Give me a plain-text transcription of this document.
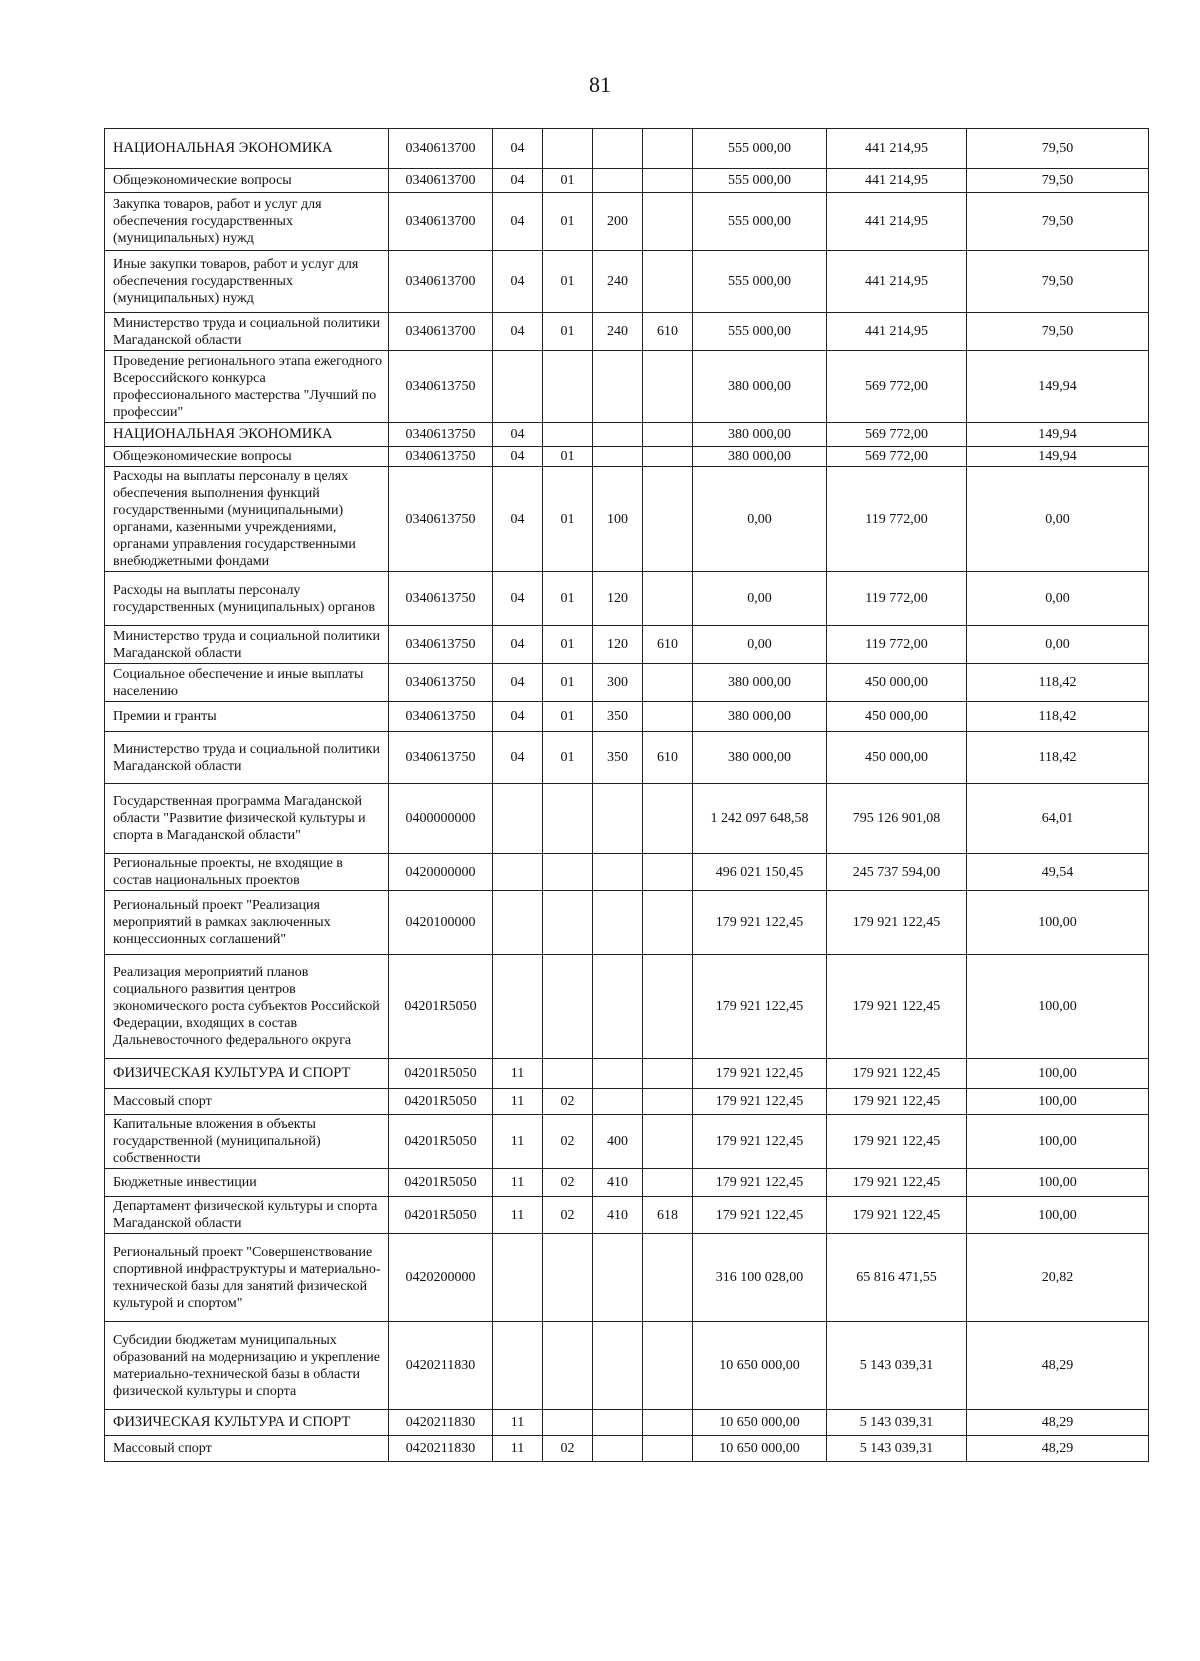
81
НАЦИОНАЛЬНАЯ ЭКОНОМИКА	0340613700	04				555 000,00	441 214,95	79,50
Общеэкономические вопросы	0340613700	04	01			555 000,00	441 214,95	79,50
Закупка товаров, работ и услуг для обеспечения государственных (муниципальных) нужд	0340613700	04	01	200		555 000,00	441 214,95	79,50
Иные закупки товаров, работ и услуг для обеспечения государственных (муниципальных) нужд	0340613700	04	01	240		555 000,00	441 214,95	79,50
Министерство труда и социальной политики Магаданской области	0340613700	04	01	240	610	555 000,00	441 214,95	79,50
Проведение регионального этапа ежегодного Всероссийского конкурса профессионального мастерства "Лучший по профессии"	0340613750					380 000,00	569 772,00	149,94
НАЦИОНАЛЬНАЯ ЭКОНОМИКА	0340613750	04				380 000,00	569 772,00	149,94
Общеэкономические вопросы	0340613750	04	01			380 000,00	569 772,00	149,94
Расходы на выплаты персоналу в целях обеспечения выполнения функций государственными (муниципальными) органами, казенными учреждениями, органами управления государственными внебюджетными фондами	0340613750	04	01	100		0,00	119 772,00	0,00
Расходы на выплаты персоналу государственных (муниципальных) органов	0340613750	04	01	120		0,00	119 772,00	0,00
Министерство труда и социальной политики Магаданской области	0340613750	04	01	120	610	0,00	119 772,00	0,00
Социальное обеспечение и иные выплаты населению	0340613750	04	01	300		380 000,00	450 000,00	118,42
Премии и гранты	0340613750	04	01	350		380 000,00	450 000,00	118,42
Министерство труда и социальной политики Магаданской области	0340613750	04	01	350	610	380 000,00	450 000,00	118,42
Государственная программа Магаданской области "Развитие физической культуры и спорта в Магаданской области"	0400000000					1 242 097 648,58	795 126 901,08	64,01
Региональные проекты, не входящие в состав национальных проектов	0420000000					496 021 150,45	245 737 594,00	49,54
Региональный проект "Реализация мероприятий в рамках заключенных концессионных соглашений"	0420100000					179 921 122,45	179 921 122,45	100,00
Реализация мероприятий планов социального развития центров экономического роста субъектов Российской Федерации, входящих в состав Дальневосточного федерального округа	04201R5050					179 921 122,45	179 921 122,45	100,00
ФИЗИЧЕСКАЯ КУЛЬТУРА И СПОРТ	04201R5050	11				179 921 122,45	179 921 122,45	100,00
Массовый спорт	04201R5050	11	02			179 921 122,45	179 921 122,45	100,00
Капитальные вложения в объекты государственной (муниципальной) собственности	04201R5050	11	02	400		179 921 122,45	179 921 122,45	100,00
Бюджетные инвестиции	04201R5050	11	02	410		179 921 122,45	179 921 122,45	100,00
Департамент физической культуры и спорта Магаданской области	04201R5050	11	02	410	618	179 921 122,45	179 921 122,45	100,00
Региональный проект "Совершенствование спортивной инфраструктуры и материально-технической базы для занятий физической культурой и спортом"	0420200000					316 100 028,00	65 816 471,55	20,82
Субсидии бюджетам муниципальных образований на модернизацию и укрепление материально-технической базы в области физической культуры и спорта	0420211830					10 650 000,00	5 143 039,31	48,29
ФИЗИЧЕСКАЯ КУЛЬТУРА И СПОРТ	0420211830	11				10 650 000,00	5 143 039,31	48,29
Массовый спорт	0420211830	11	02			10 650 000,00	5 143 039,31	48,29
